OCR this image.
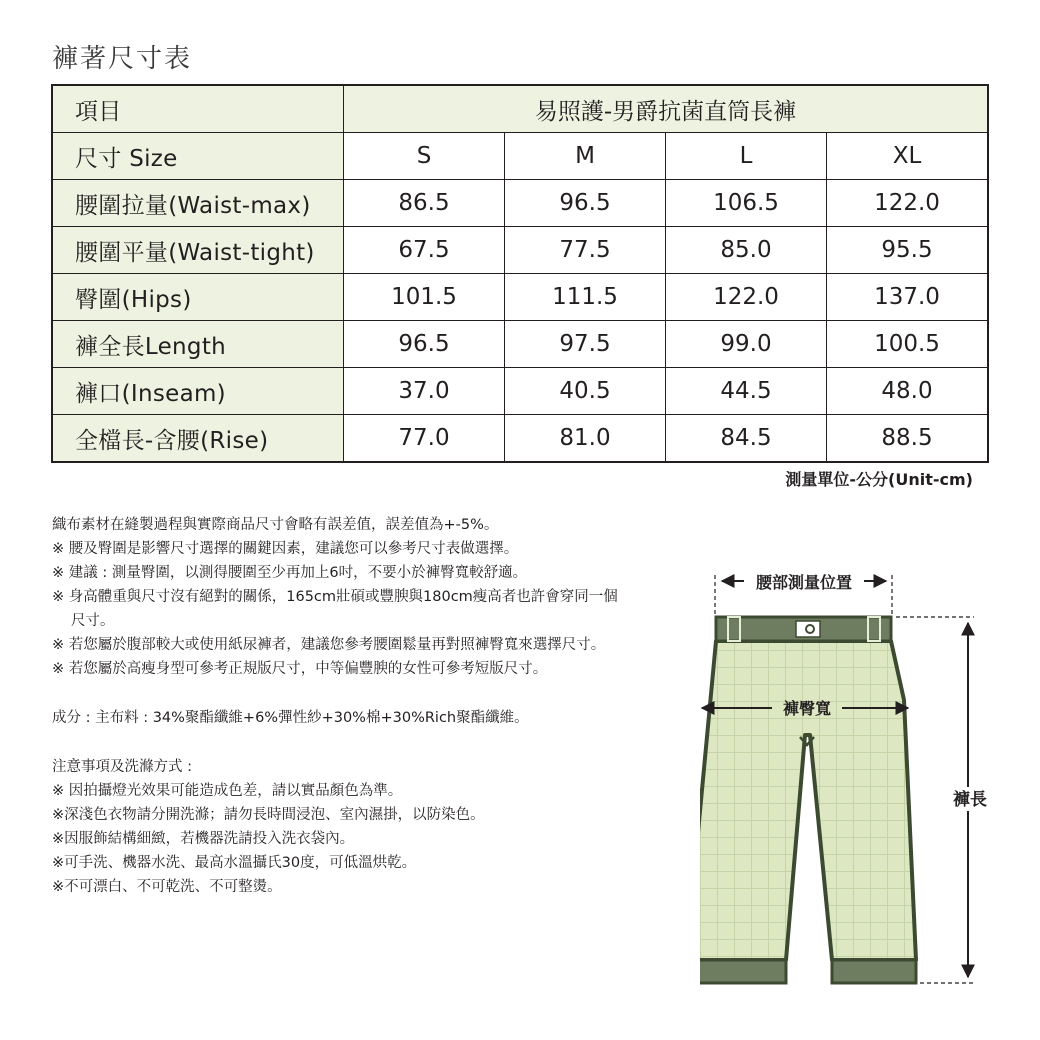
褲著尺寸表
項目	易照護-男爵抗菌直筒長褲			
尺寸 Size	S	M	L	XL
腰圍拉量(Waist-max)	86.5	96.5	106.5	122.0
腰圍平量(Waist-tight)	67.5	77.5	85.0	95.5
臀圍(Hips)	101.5	111.5	122.0	137.0
褲全長Length	96.5	97.5	99.0	100.5
褲口(Inseam)	37.0	40.5	44.5	48.0
全檔長-含腰(Rise)	77.0	81.0	84.5	88.5
測量單位-公分(Unit-cm)

織布素材在縫製過程與實際商品尺寸會略有誤差值，誤差值為+-5%。

※ 腰及臀圍是影響尺寸選擇的關鍵因素，建議您可以參考尺寸表做選擇。

※ 建議 : 測量臀圍，以測得腰圍至少再加上6吋，不要小於褲臀寬較舒適。

※ 身高體重與尺寸沒有絕對的關係，165cm壯碩或豐腴與180cm瘦高者也許會穿同一個尺寸。

※ 若您屬於腹部較大或使用紙尿褲者，建議您參考腰圍鬆量再對照褲臀寬來選擇尺寸。

※ 若您屬於高瘦身型可參考正規版尺寸，中等偏豐腴的女性可參考短版尺寸。

成分 : 主布料 : 34%聚酯纖維+6%彈性紗+30%棉+30%Rich聚酯纖維。

注意事項及洗滌方式 :

※ 因拍攝燈光效果可能造成色差，請以實品顏色為準。

※深淺色衣物請分開洗滌；請勿長時間浸泡、室內濕掛，以防染色。

※因服飾結構細緻，若機器洗請投入洗衣袋內。

※可手洗、機器水洗、最高水溫攝氏30度，可低溫烘乾。

※不可漂白、不可乾洗、不可整燙。

腰部測量位置
褲臀寬
褲長
